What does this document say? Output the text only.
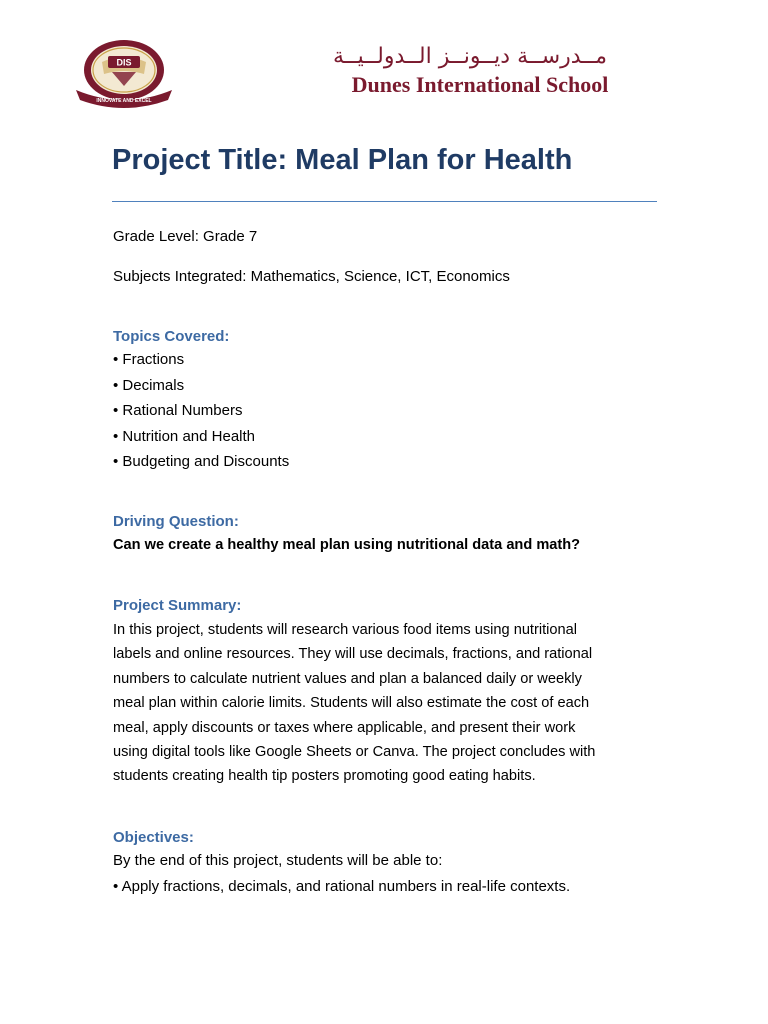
DIS
INNOVATE AND EXCEL
مــدرســة ديــونــز الــدولــيــة
Dunes International School
Project Title: Meal Plan for Health
Grade Level: Grade 7
Subjects Integrated: Mathematics, Science, ICT, Economics
Topics Covered:
• Fractions
• Decimals
• Rational Numbers
• Nutrition and Health
• Budgeting and Discounts
Driving Question:
Can we create a healthy meal plan using nutritional data and math?
Project Summary:
In this project, students will research various food items using nutritional
labels and online resources. They will use decimals, fractions, and rational
numbers to calculate nutrient values and plan a balanced daily or weekly
meal plan within calorie limits. Students will also estimate the cost of each
meal, apply discounts or taxes where applicable, and present their work
using digital tools like Google Sheets or Canva. The project concludes with
students creating health tip posters promoting good eating habits.
Objectives:
By the end of this project, students will be able to:
• Apply fractions, decimals, and rational numbers in real-life contexts.
